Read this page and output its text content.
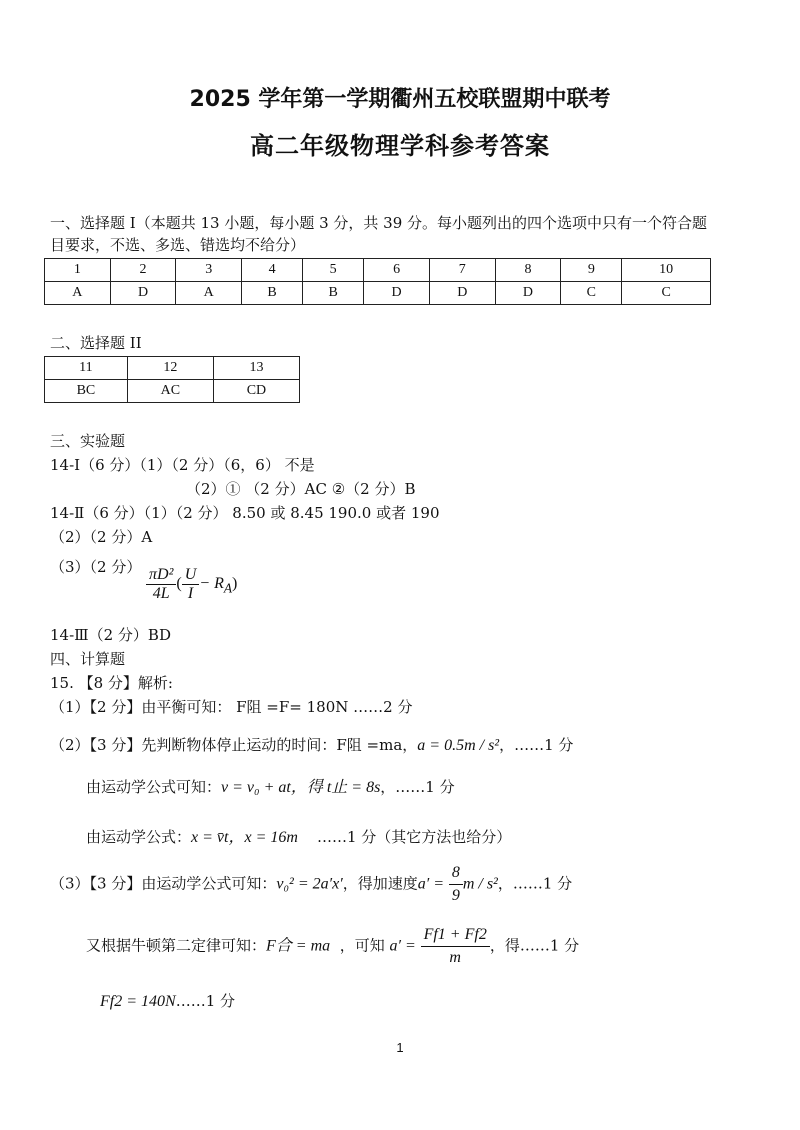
2025 学年第一学期衢州五校联盟期中联考
高二年级物理学科参考答案
一、选择题 I（本题共 13 小题，每小题 3 分，共 39 分。每小题列出的四个选项中只有一个符合题
目要求，不选、多选、错选均不给分）
1	2	3	4	5	6	7	8	9	10
A	D	A	B	B	D	D	D	C	C
二、选择题 II
11	12	13
BC	AC	CD
三、实验题
14-Ⅰ（6 分）（1）（2 分）（6，6） 不是
（2）① （2 分）AC ②（2 分）B
14-Ⅱ（6 分）（1）（2 分） 8.50 或 8.45 190.0 或者 190
（2）（2 分）A
（3）（2 分） $\frac{\text{πD²}}{4L}$ ( $\frac{U}{I} - R_A$)
14-Ⅲ（2 分）BD
四、计算题
15. 【8 分】解析:
（1）【2 分】由平衡可知： F阻 =F= 180N ……2 分
（2）【3 分】先判断物体停止运动的时间：F阻 =ma，a = 0.5m / s²，……1 分
由运动学公式可知：v = v₀ + at，得 t止 = 8s，……1 分
由运动学公式：x = v̄t，x = 16m ……1 分（其它方法也给分）
（3）【3 分】由运动学公式可知：v₀² = 2a′x′，得加速度$a' = \frac{8}{9}$ m / s²，……1 分
又根据牛顿第二定律可知：F合 = ma ，可知 $a' = \frac{Ff1 + Ff2}{m}$ ，得……1 分
Ff2 = 140N……1 分
1
